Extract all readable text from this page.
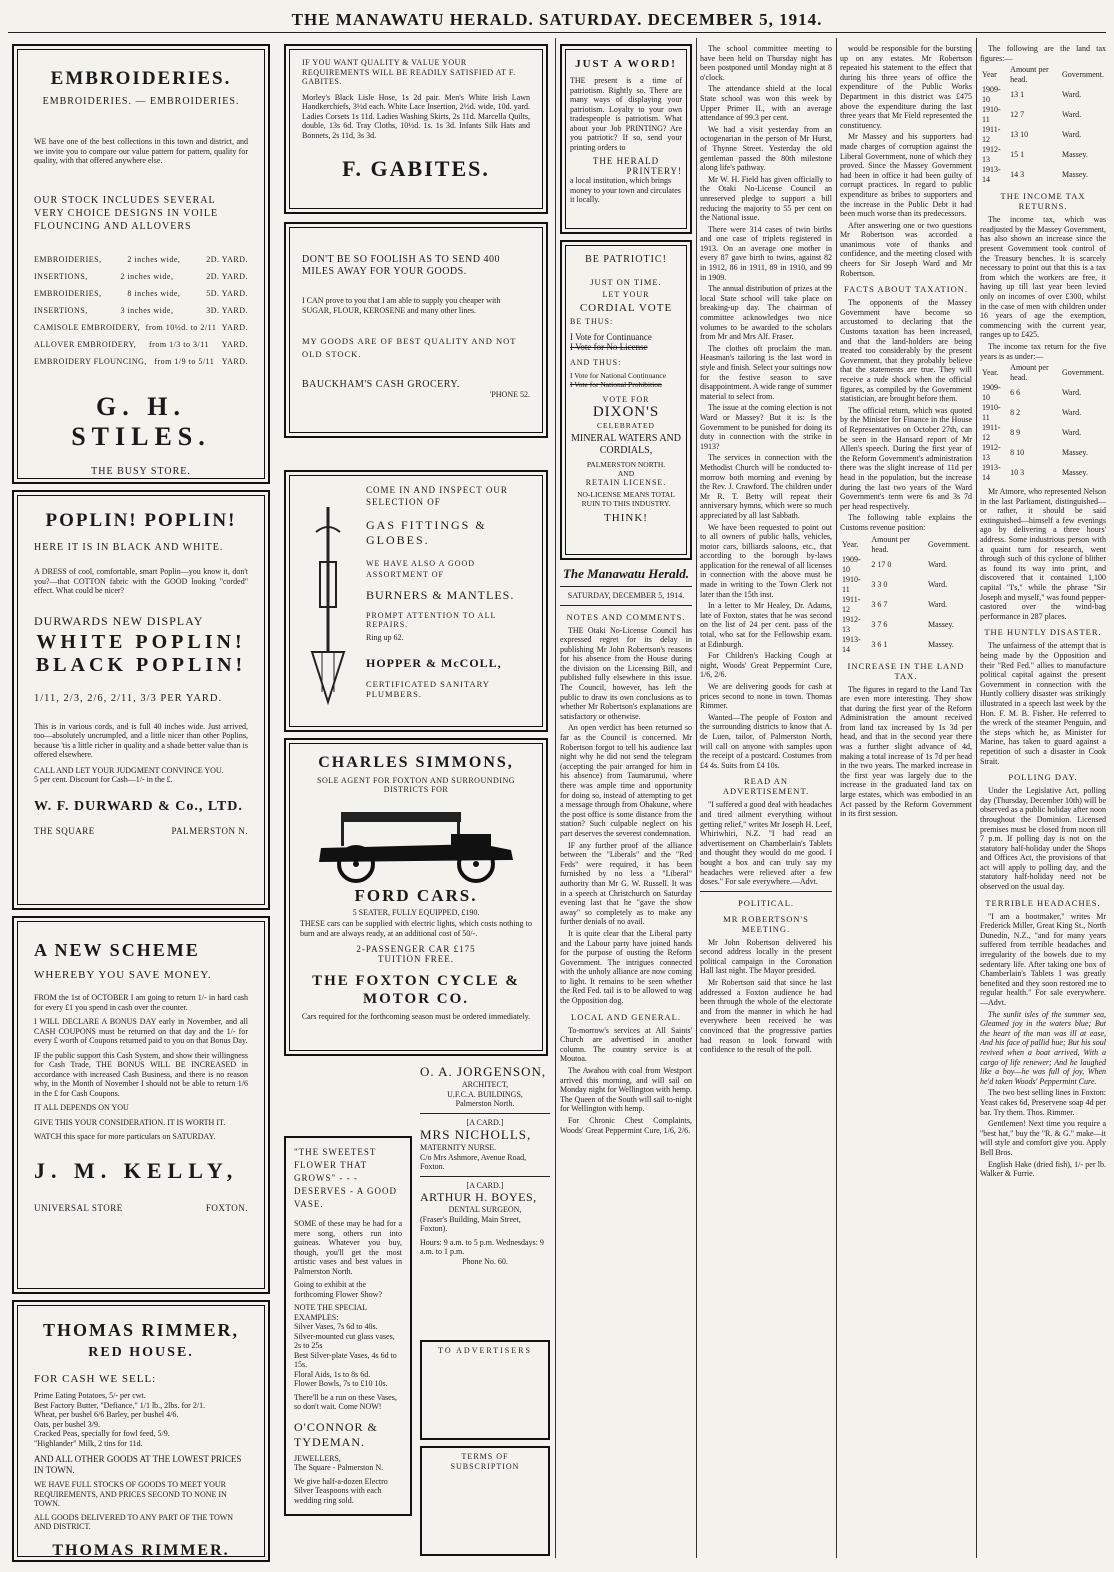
THE MANAWATU HERALD. SATURDAY. DECEMBER 5, 1914.
EMBROIDERIES.
EMBROIDERIES. — EMBROIDERIES.
WE have one of the best collections in this town and district, and we invite you to compare our value pattern for pattern, quality for quality, with that offered anywhere else.
OUR STOCK INCLUDES SEVERAL VERY CHOICE DESIGNS IN VOILE FLOUNCING AND ALLOVERS
EMBROIDERIES,	2 inches wide,	2D. YARD.
INSERTIONS,	2 inches wide,	2D. YARD.
EMBROIDERIES,	8 inches wide,	5D. YARD.
INSERTIONS,	3 inches wide,	3D. YARD.
CAMISOLE EMBROIDERY, from 10½d. to 2/11 YARD.
ALLOVER EMBROIDERY, from 1/3 to 3/11 YARD.
EMBROIDERY FLOUNCING, from 1/9 to 5/11 YARD.
G. H. STILES.
THE BUSY STORE.
POPLIN! POPLIN!
HERE IT IS IN BLACK AND WHITE.
A DRESS of cool, comfortable, smart Poplin—you know it, don't you?—that COTTON fabric with the GOOD looking "corded" effect. What could be nicer?
DURWARDS NEW DISPLAY
WHITE POPLIN!
BLACK POPLIN!
1/11, 2/3, 2/6, 2/11, 3/3 PER YARD.
This is in various cords, and is full 40 inches wide. Just arrived, too—absolutely uncrumpled, and a little nicer than other Poplins, because 'tis a little richer in quality and a shade better value than is offered elsewhere.
CALL AND LET YOUR JUDGMENT CONVINCE YOU.
5 per cent. Discount for Cash—1/- in the £.
W. F. DURWARD & Co., LTD.
THE SQUARE	PALMERSTON N.
A NEW SCHEME
WHEREBY YOU SAVE MONEY.
FROM the 1st of OCTOBER I am going to return 1/- in hard cash for every £1 you spend in cash over the counter.
I WILL DECLARE A BONUS DAY early in November, and all CASH COUPONS must be returned on that day and the 1/- for every £ worth of Coupons returned paid to you on that Bonus Day.
IF the public support this Cash System, and show their willingness for Cash Trade, THE BONUS WILL BE INCREASED in accordance with increased Cash Business, and there is no reason why, in the Month of November I should not be able to return 1/6 in the £ for Cash Coupons.
IT ALL DEPENDS ON YOU
GIVE THIS YOUR CONSIDERATION. IT IS WORTH IT.
WATCH this space for more particulars on SATURDAY.
J. M. KELLY,
UNIVERSAL STORE	FOXTON.
THOMAS RIMMER,
RED HOUSE.
FOR CASH WE SELL:
Prime Eating Potatoes, 5/- per cwt.
Best Factory Butter, "Defiance," 1/1 lb., 2lbs. for 2/1.
Wheat, per bushel 6/6 Barley, per bushel 4/6.
Oats, per bushel 3/9.
Cracked Peas, specially for fowl feed, 5/9.
"Highlander" Milk, 2 tins for 11d.
AND ALL OTHER GOODS AT THE LOWEST PRICES IN TOWN.
WE HAVE FULL STOCKS OF GOODS TO MEET YOUR REQUIREMENTS, AND PRICES SECOND TO NONE IN TOWN.
ALL GOODS DELIVERED TO ANY PART OF THE TOWN AND DISTRICT.
THOMAS RIMMER.
IF YOU WANT QUALITY & VALUE YOUR REQUIREMENTS WILL BE READILY SATISFIED AT F. GABITES.
Morley's Black Lisle Hose, 1s 2d pair. Men's White Irish Lawn Handkerchiefs, 3½d each. White Lace Insertion, 2½d. wide, 10d. yard. Ladies Corsets 1s 11d. Ladies Washing Skirts, 2s 11d. Marcella Quilts, double, 13s 6d. Tray Cloths, 10½d. 1s. 1s 3d. Infants Silk Hats and Bonnets, 2s 11d, 3s 3d.
F. GABITES.
DON'T BE SO FOOLISH AS TO SEND 400 MILES AWAY FOR YOUR GOODS.
I CAN prove to you that I am able to supply you cheaper with SUGAR, FLOUR, KEROSENE and many other lines.
MY GOODS ARE OF BEST QUALITY AND NOT OLD STOCK.
BAUCKHAM'S CASH GROCERY.
'PHONE 52.
COME IN AND INSPECT OUR SELECTION OF
GAS FITTINGS & GLOBES.
WE HAVE ALSO A GOOD ASSORTMENT OF
BURNERS & MANTLES.
PROMPT ATTENTION TO ALL REPAIRS.
Ring up 62.
HOPPER & McCOLL,
CERTIFICATED SANITARY PLUMBERS.
CHARLES SIMMONS,
SOLE AGENT FOR FOXTON AND SURROUNDING DISTRICTS FOR
FORD CARS.
5 SEATER, FULLY EQUIPPED, £190.
THESE cars can be supplied with electric lights, which costs nothing to burn and are always ready, at an additional cost of 50/-.
2-PASSENGER CAR £175
TUITION FREE.
THE FOXTON CYCLE & MOTOR CO.
Cars required for the forthcoming season must be ordered immediately.
"THE SWEETEST FLOWER THAT GROWS" - - - DESERVES - A GOOD VASE.
SOME of these may be had for a mere song, others run into guineas. Whatever you buy, though, you'll get the most artistic vases and best values in Palmerston North.
Going to exhibit at the forthcoming Flower Show?
NOTE THE SPECIAL EXAMPLES:
Silver Vases, 7s 6d to 40s.
Silver-mounted cut glass vases, 2s to 25s
Best Silver-plate Vases, 4s 6d to 15s.
Floral Aids, 1s to 8s 6d.
Flower Bowls, 7s to £10 10s.
There'll be a run on these Vases, so don't wait. Come NOW!
O'CONNOR & TYDEMAN.
JEWELLERS,
The Square - Palmerston N.
We give half-a-dozen Electro Silver Teaspoons with each wedding ring sold.
O. A. JORGENSON,
ARCHITECT,
U.F.C.A. BUILDINGS,
Palmerston North.
[A CARD.]
MRS NICHOLLS,
MATERNITY NURSE.
C/o Mrs Ashmore, Avenue Road, Foxton.
[A CARD.]
ARTHUR H. BOYES,
DENTAL SURGEON,
(Fraser's Building, Main Street, Foxton).
Hours: 9 a.m. to 5 p.m. Wednesdays: 9 a.m. to 1 p.m.
Phone No. 60.
TO ADVERTISERS
TERMS OF SUBSCRIPTION
JUST A WORD!
THE present is a time of patriotism. Rightly so. There are many ways of displaying your patriotism. Loyalty to your own tradespeople is patriotism. What about your Job PRINTING? Are you patriotic? If so, send your printing orders to
THE HERALD
PRINTERY!
a local institution, which brings money to your town and circulates it locally.
BE PATRIOTIC!
JUST ON TIME.
LET YOUR
CORDIAL VOTE
BE THUS:
I Vote for Continuance
I Vote for No License
AND THUS:
I Vote for National Continuance
I Vote for National Prohibition
VOTE FOR
DIXON'S
CELEBRATED
MINERAL WATERS AND CORDIALS,
PALMERSTON NORTH.
AND
RETAIN LICENSE.
NO-LICENSE MEANS TOTAL RUIN TO THIS INDUSTRY.
THINK!
The Manawatu Herald.
SATURDAY, DECEMBER 5, 1914.
NOTES AND COMMENTS.

THE Otaki No-License Council has expressed regret for its delay in publishing Mr John Robertson's reasons for his absence from the House during the division on the Licensing Bill, and published fully elsewhere in this issue. The Council, however, has left the public to draw its own conclusions as to whether Mr Robertson's explanations are satisfactory or otherwise.

An open verdict has been returned so far as the Council is concerned. Mr Robertson forgot to tell his audience last night why he did not send the telegram (accepting the pair arranged for him in his absence) from Taumarunui, where there was ample time and opportunity for doing so, instead of attempting to get a message through from Ohakune, where the post office is some distance from the station? Such culpable neglect on his part deserves the severest condemnation.

IF any further proof of the alliance between the "Liberals" and the "Red Feds" were required, it has been furnished by no less a "Liberal" authority than Mr G. W. Russell. It was in a speech at Christchurch on Saturday evening last that he "gave the show away" so completely as to make any further denials of no avail.

It is quite clear that the Liberal party and the Labour party have joined hands for the purpose of ousting the Reform Government. The intrigues connected with the unholy alliance are now coming to light. It remains to be seen whether the Red Fed. tail is to be allowed to wag the Opposition dog.

LOCAL AND GENERAL.

To-morrow's services at All Saints' Church are advertised in another column. The country service is at Moutoa.

The Awahou with coal from Westport arrived this morning, and will sail on Monday night for Wellington with hemp. The Queen of the South will sail to-night for Wellington with hemp.

For Chronic Chest Complaints, Woods' Great Peppermint Cure, 1/6, 2/6.

The school committee meeting to have been held on Thursday night has been postponed until Monday night at 8 o'clock.

The attendance shield at the local State school was won this week by Upper Primer II., with an average attendance of 99.3 per cent.

We had a visit yesterday from an octogenarian in the person of Mr Hurst, of Thynne Street. Yesterday the old gentleman passed the 80th milestone along life's pathway.

Mr W. H. Field has given officially to the Otaki No-License Council an unreserved pledge to support a bill reducing the majority to 55 per cent on the National issue.

There were 314 cases of twin births and one case of triplets registered in 1913. On an average one mother in every 87 gave birth to twins, against 82 in 1912, 86 in 1911, 89 in 1910, and 99 in 1909.

The annual distribution of prizes at the local State school will take place on breaking-up day. The chairman of committee acknowledges two nice volumes to be awarded to the scholars from Mr and Mrs Alf. Fraser.

The clothes oft proclaim the man. Heasman's tailoring is the last word in style and finish. Select your suitings now for the festive season to save disappointment. A wide range of summer material to select from.

The issue at the coming election is not Ward or Massey? But it is: Is the Government to be punished for doing its duty in connection with the strike in 1913?

The services in connection with the Methodist Church will be conducted to-morrow both morning and evening by the Rev. J. Crawford. The children under Mr R. T. Betty will repeat their anniversary hymns, which were so much appreciated by all last Sabbath.

We have been requested to point out to all owners of public halls, vehicles, motor cars, billiards saloons, etc., that according to the borough by-laws application for the renewal of all licenses in connection with the above must be made in writing to the Town Clerk not later than the 15th inst.

In a letter to Mr Healey, Dr. Adams, late of Foxton, states that he was second on the list of 24 per cent. pass of the total, who sat for the Fellowship exam. at Edinburgh.

For Children's Hacking Cough at night, Woods' Great Peppermint Cure, 1/6, 2/6.

We are delivering goods for cash at prices second to none in town. Thomas Rimmer.

Wanted—The people of Foxton and the surrounding districts to know that A. de Luen, tailor, of Palmerston North, will call on anyone with samples upon the receipt of a postcard. Costumes from £4 4s. Suits from £4 10s.

READ AN ADVERTISEMENT.

"I suffered a good deal with headaches and tired ailment everything without getting relief," writes Mr Joseph H. Leef, Whiriwhiri, N.Z. "I had read an advertisement on Chamberlain's Tablets and thought they would do me good. I bought a box and can truly say my headaches were relieved after a few doses." For sale everywhere.—Advt.

POLITICAL.
MR ROBERTSON'S MEETING.

Mr John Robertson delivered his second address locally in the present political campaign in the Coronation Hall last night. The Mayor presided.

Mr Robertson said that since he last addressed a Foxton audience he had been through the whole of the electorate and from the manner in which he had everywhere been received he was convinced that the progressive parties had reason to look forward with confidence to the result of the poll.

would be responsible for the bursting up on any estates. Mr Robertson repeated his statement to the effect that during his three years of office the expenditure of the Public Works Department in this district was £475 above the expenditure during the last three years that Mr Field represented the constituency.

Mr Massey and his supporters had made charges of corruption against the Liberal Government, none of which they proved. Since the Massey Government had been in office it had been guilty of corrupt practices. In regard to public expenditure as bribes to supporters and the increase in the Public Debt it had been much worse than its predecessors.

After answering one or two questions Mr Robertson was accorded a unanimous vote of thanks and confidence, and the meeting closed with cheers for Sir Joseph Ward and Mr Robertson.

FACTS ABOUT TAXATION.

The opponents of the Massey Government have become so accustomed to declaring that the Customs taxation has been increased, and that the land-holders are being treated too considerably by the present Government, that they probably believe that the statements are true. They will receive a rude shock when the official figures, as compiled by the Government statistician, are brought before them.

The official return, which was quoted by the Minister for Finance in the House of Representatives on October 27th, can be seen in the Hansard report of Mr Allen's speech. During the first year of the Reform Government's administration there was the slight increase of 11d per head in the population, but the increase during the last two years of the Ward Government's term were 6s and 3s 7d per head respectively.

The following table explains the Customs revenue position:

Year.	Amount per head.	Government.
1909-10	2 17 0	Ward.
1910-11	3 3 0	Ward.
1911-12	3 6 7	Ward.
1912-13	3 7 6	Massey.
1913-14	3 6 1	Massey.
INCREASE IN THE LAND TAX.

The figures in regard to the Land Tax are even more interesting. They show that during the first year of the Reform Administration the amount received from land tax increased by 1s 3d per head, and that in the second year there was a further slight advance of 4d, making a total increase of 1s 7d per head in the two years. The marked increase in the first year was largely due to the increase in the graduated land tax on large estates, which was embodied in an Act passed by the Reform Government in its first session.

The following are the land tax figures:—

Year	Amount per head.	Government.
1909-10	13 1	Ward.
1910-11	12 7	Ward.
1911-12	13 10	Ward.
1912-13	15 1	Massey.
1913-14	14 3	Massey.
THE INCOME TAX RETURNS.

The income tax, which was readjusted by the Massey Government, has also shown an increase since the present Government took control of the Treasury benches. It is scarcely necessary to point out that this is a tax from which the workers are free, it having up till last year been levied only on incomes of over £300, whilst in the case of men with children under 16 years of age the exemption, commencing with the current year, ranges up to £425.

The income tax return for the five years is as under:—

Year.	Amount per head.	Government.
1909-10	6 6	Ward.
1910-11	8 2	Ward.
1911-12	8 9	Ward.
1912-13	8 10	Massey.
1913-14	10 3	Massey.

Mr Atmore, who represented Nelson in the last Parliament, distinguished—or rather, it should be said extinguished—himself a few evenings ago by delivering a three hours' address. Some industrious person with a quaint turn for research, went through such of this cyclone of blither as found its way into print, and discovered that it contained 1,100 capital "I's," while the phrase "Sir Joseph and myself," was found pepper-castored over the wind-bag performance in 287 places.

THE HUNTLY DISASTER.

The unfairness of the attempt that is being made by the Opposition and their "Red Fed." allies to manufacture political capital against the present Government in connection with the Huntly colliery disaster was strikingly illustrated in a speech last week by the Hon. F. M. B. Fisher. He referred to the wreck of the steamer Penguin, and the steps which he, as Minister for Marine, has taken to guard against a repetition of such a disaster in Cook Strait.

POLLING DAY.

Under the Legislative Act, polling day (Thursday, December 10th) will be observed as a public holiday after noon throughout the Dominion. Licensed premises must be closed from noon till 7 p.m. If polling day is not on the statutory half-holiday under the Shops and Offices Act, the provisions of that act will apply to polling day, and the statutory half-holiday need not be observed on the usual day.

TERRIBLE HEADACHES.

"I am a bootmaker," writes Mr Frederick Miller, Great King St., North Dunedin, N.Z., "and for many years suffered from terrible headaches and irregularity of the bowels due to my sedentary life. After taking one box of Chamberlain's Tablets I was greatly benefited and they soon restored me to regular health." For sale everywhere.—Advt.

The sunlit isles of the summer sea, Gleamed joy in the waters blue; But the heart of the man was ill at ease, And his face of pallid hue; But his soul revived when a boat arrived, With a cargo of life renewer; And he laughed like a boy—he was full of joy, When he'd taken Woods' Peppermint Cure.

The two best selling lines in Foxton: Yeast cakes 6d, Preservene soap 4d per bar. Try them. Thos. Rimmer.

Gentlemen! Next time you require a "best hat," buy the "R. & G." make—it will style and comfort give you. Apply Bell Bros.

English Hake (dried fish), 1/- per lb. Walker & Furrie.
